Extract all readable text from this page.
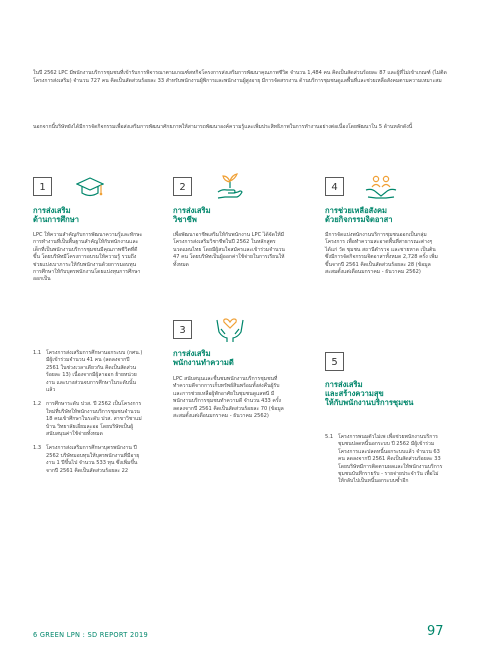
ในปี 2562 LPC มีพนักงานบริการชุมชนที่เข้ารับการพิจารณาตามเกณฑ์สหกิจโครงการส่งเสริมการพัฒนาคุณภาพชีวิต จำนวน 1,484 คน คิดเป็นสัดส่วนร้อยละ 87 และผู้ที่ไม่เข้าเกณฑ์ (ไม่ติดโครงการส่งเสริม) จำนวน 727 คน คิดเป็นสัดส่วนร้อยละ 33 สำหรับพนักงานผู้พิการและพนักงานผู้สูงอายุ มีการจัดสรรงาน ด้านบริการชุมชนดูแลพื้นที่และช่วยเหลือสังคมตามความเหมาะสม
นอกจากนี้บริษัทยังได้มีการจัดกิจกรรมเพื่อส่งเสริมการพัฒนาศักยภาพให้สามารถพัฒนาองค์ความรู้และเพิ่มประสิทธิภาพในการทำงานอย่างต่อเนื่องโดยพัฒนาใน 5 ด้านหลักดังนี้
1
การส่งเสริม
ด้านการศึกษา
LPC ให้ความสำคัญกับการพัฒนาความรู้และทักษะการทำงานที่เป็นพื้นฐานสำคัญให้กับพนักงานและเด็กที่เป็นพนักงานบริการชุมชนมีคุณภาพชีวิตที่ดีขึ้น โดยบริษัทมีโครงการอบรมให้ความรู้ รวมถึงช่วยแบ่งเบาภาระให้กับพนักงานด้วยการมอบทุนการศึกษาให้กับบุตรพนักงานโดยแบ่งทุนการศึกษาออกเป็น
1.1 โครงการส่งเสริมการศึกษานอกระบบ (กศน.) มีผู้เข้าร่วมจำนวน 41 คน (ลดลงจากปี 2561 ในช่วงเวลาเดียวกัน คิดเป็นสัดส่วนร้อยละ 13) เนื่องจากมีผู้ลาออก ย้ายหน่วยงาน และบางส่วนจบการศึกษาในระดับนั้นแล้ว
1.2 การศึกษาระดับ ปวส. ปี 2562 เป็นโครงการใหม่ที่บริษัทให้พนักงานบริการชุมชนจำนวน 18 คนเข้าศึกษาในระดับ ปวส. สาขาวิชาแม่บ้าน วิทยาลัยเอี่ยมละออ โดยบริษัทเป็นผู้สนับสนุนค่าใช้จ่ายทั้งหมด
1.3 โครงการส่งเสริมการศึกษาบุตรพนักงาน ปี 2562 บริษัทมอบทุนให้บุตรพนักงานที่มีอายุงาน 1 ปีขึ้นไป จำนวน 533 ทุน ซึ่งเพิ่มขึ้นจากปี 2561 คิดเป็นสัดส่วนร้อยละ 22
2
การส่งเสริม
วิชาชีพ
เพื่อพัฒนาอาชีพเสริมให้กับพนักงาน LPC ได้จัดให้มีโครงการส่งเสริมวิชาชีพในปี 2562 ในหลักสูตร นวดแผนไทย โดยมีผู้สนใจสมัครและเข้าร่วมจำนวน 47 คน โดยบริษัทเป็นผู้ออกค่าใช้จ่ายในการเรียนให้ทั้งหมด
3
การส่งเสริม
พนักงานทำความดี
LPC สนับสนุนและชื่นชมพนักงานบริการชุมชนที่ทำความดีจากการเก็บทรัพย์สินพร้อมทั้งส่งคืนผู้รับ และการช่วยเหลือผู้พักอาศัยในชุมชนดูแลพนี มีพนักงานบริการชุมชนทำความดี จำนวน 433 ครั้ง ลดลงจากปี 2561 คิดเป็นสัดส่วนร้อยละ 70 (ข้อมูลสะสมตั้งแต่เดือนมกราคม - ธันวาคม 2562)
4
การช่วยเหลือสังคม
ด้วยกิจกรรมจิตอาสา
มีการจัดแบ่งพนักงานบริการชุมชนออกเป็นกลุ่มโครงการ เพื่อทำความสะอาดพื้นที่สาธารณะต่างๆ ได้แก่ วัด ชุมชน สถานีตำรวจ และชายหาด เป็นต้น ซึ่งมีการจัดกิจกรรมจิตอาสาทั้งหมด 2,728 ครั้ง เพิ่มขึ้นจากปี 2561 คิดเป็นสัดส่วนร้อยละ 28 (ข้อมูลสะสมตั้งแต่เดือนมกราคม - ธันวาคม 2562)
5
การส่งเสริม
และสร้างความสุข
ให้กับพนักงานบริการชุมชน
5.1 โครงการพนมตัวไม่เพ เพื่อช่วยพนักงานบริการชุมชนปลดหนี้นอกระบบ ปี 2562 มีผู้เข้าร่วมโครงการและปลดหนี้นอกระบบแล้ว จำนวน 63 คน ลดลงจากปี 2561 คิดเป็นสัดส่วนร้อยละ 33 โดยบริษัทมีการติดตามผลและให้พนักงานบริการชุมชนบันทึกรายรับ - รายจ่ายประจำวัน เพื่อไม่ให้กลับไปเป็นหนี้นอกระบบซ้ำอีก
6 GREEN LPN : SD REPORT 2019	97
